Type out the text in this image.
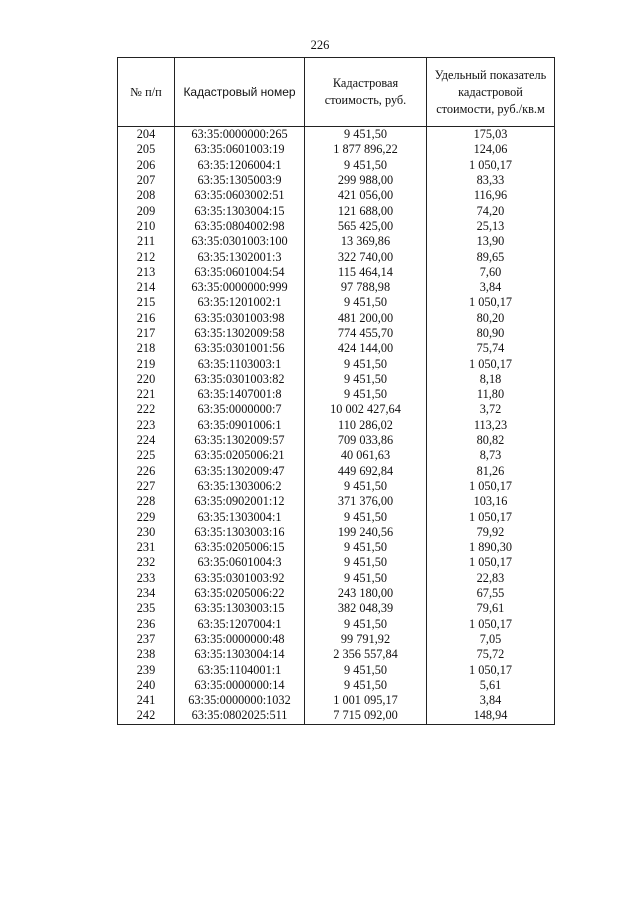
226
№ п/п	Кадастровый номер	Кадастровая стоимость, руб.	Удельный показатель кадастровой стоимости, руб./кв.м
204	63:35:0000000:265	9 451,50	175,03
205	63:35:0601003:19	1 877 896,22	124,06
206	63:35:1206004:1	9 451,50	1 050,17
207	63:35:1305003:9	299 988,00	83,33
208	63:35:0603002:51	421 056,00	116,96
209	63:35:1303004:15	121 688,00	74,20
210	63:35:0804002:98	565 425,00	25,13
211	63:35:0301003:100	13 369,86	13,90
212	63:35:1302001:3	322 740,00	89,65
213	63:35:0601004:54	115 464,14	7,60
214	63:35:0000000:999	97 788,98	3,84
215	63:35:1201002:1	9 451,50	1 050,17
216	63:35:0301003:98	481 200,00	80,20
217	63:35:1302009:58	774 455,70	80,90
218	63:35:0301001:56	424 144,00	75,74
219	63:35:1103003:1	9 451,50	1 050,17
220	63:35:0301003:82	9 451,50	8,18
221	63:35:1407001:8	9 451,50	11,80
222	63:35:0000000:7	10 002 427,64	3,72
223	63:35:0901006:1	110 286,02	113,23
224	63:35:1302009:57	709 033,86	80,82
225	63:35:0205006:21	40 061,63	8,73
226	63:35:1302009:47	449 692,84	81,26
227	63:35:1303006:2	9 451,50	1 050,17
228	63:35:0902001:12	371 376,00	103,16
229	63:35:1303004:1	9 451,50	1 050,17
230	63:35:1303003:16	199 240,56	79,92
231	63:35:0205006:15	9 451,50	1 890,30
232	63:35:0601004:3	9 451,50	1 050,17
233	63:35:0301003:92	9 451,50	22,83
234	63:35:0205006:22	243 180,00	67,55
235	63:35:1303003:15	382 048,39	79,61
236	63:35:1207004:1	9 451,50	1 050,17
237	63:35:0000000:48	99 791,92	7,05
238	63:35:1303004:14	2 356 557,84	75,72
239	63:35:1104001:1	9 451,50	1 050,17
240	63:35:0000000:14	9 451,50	5,61
241	63:35:0000000:1032	1 001 095,17	3,84
242	63:35:0802025:511	7 715 092,00	148,94
